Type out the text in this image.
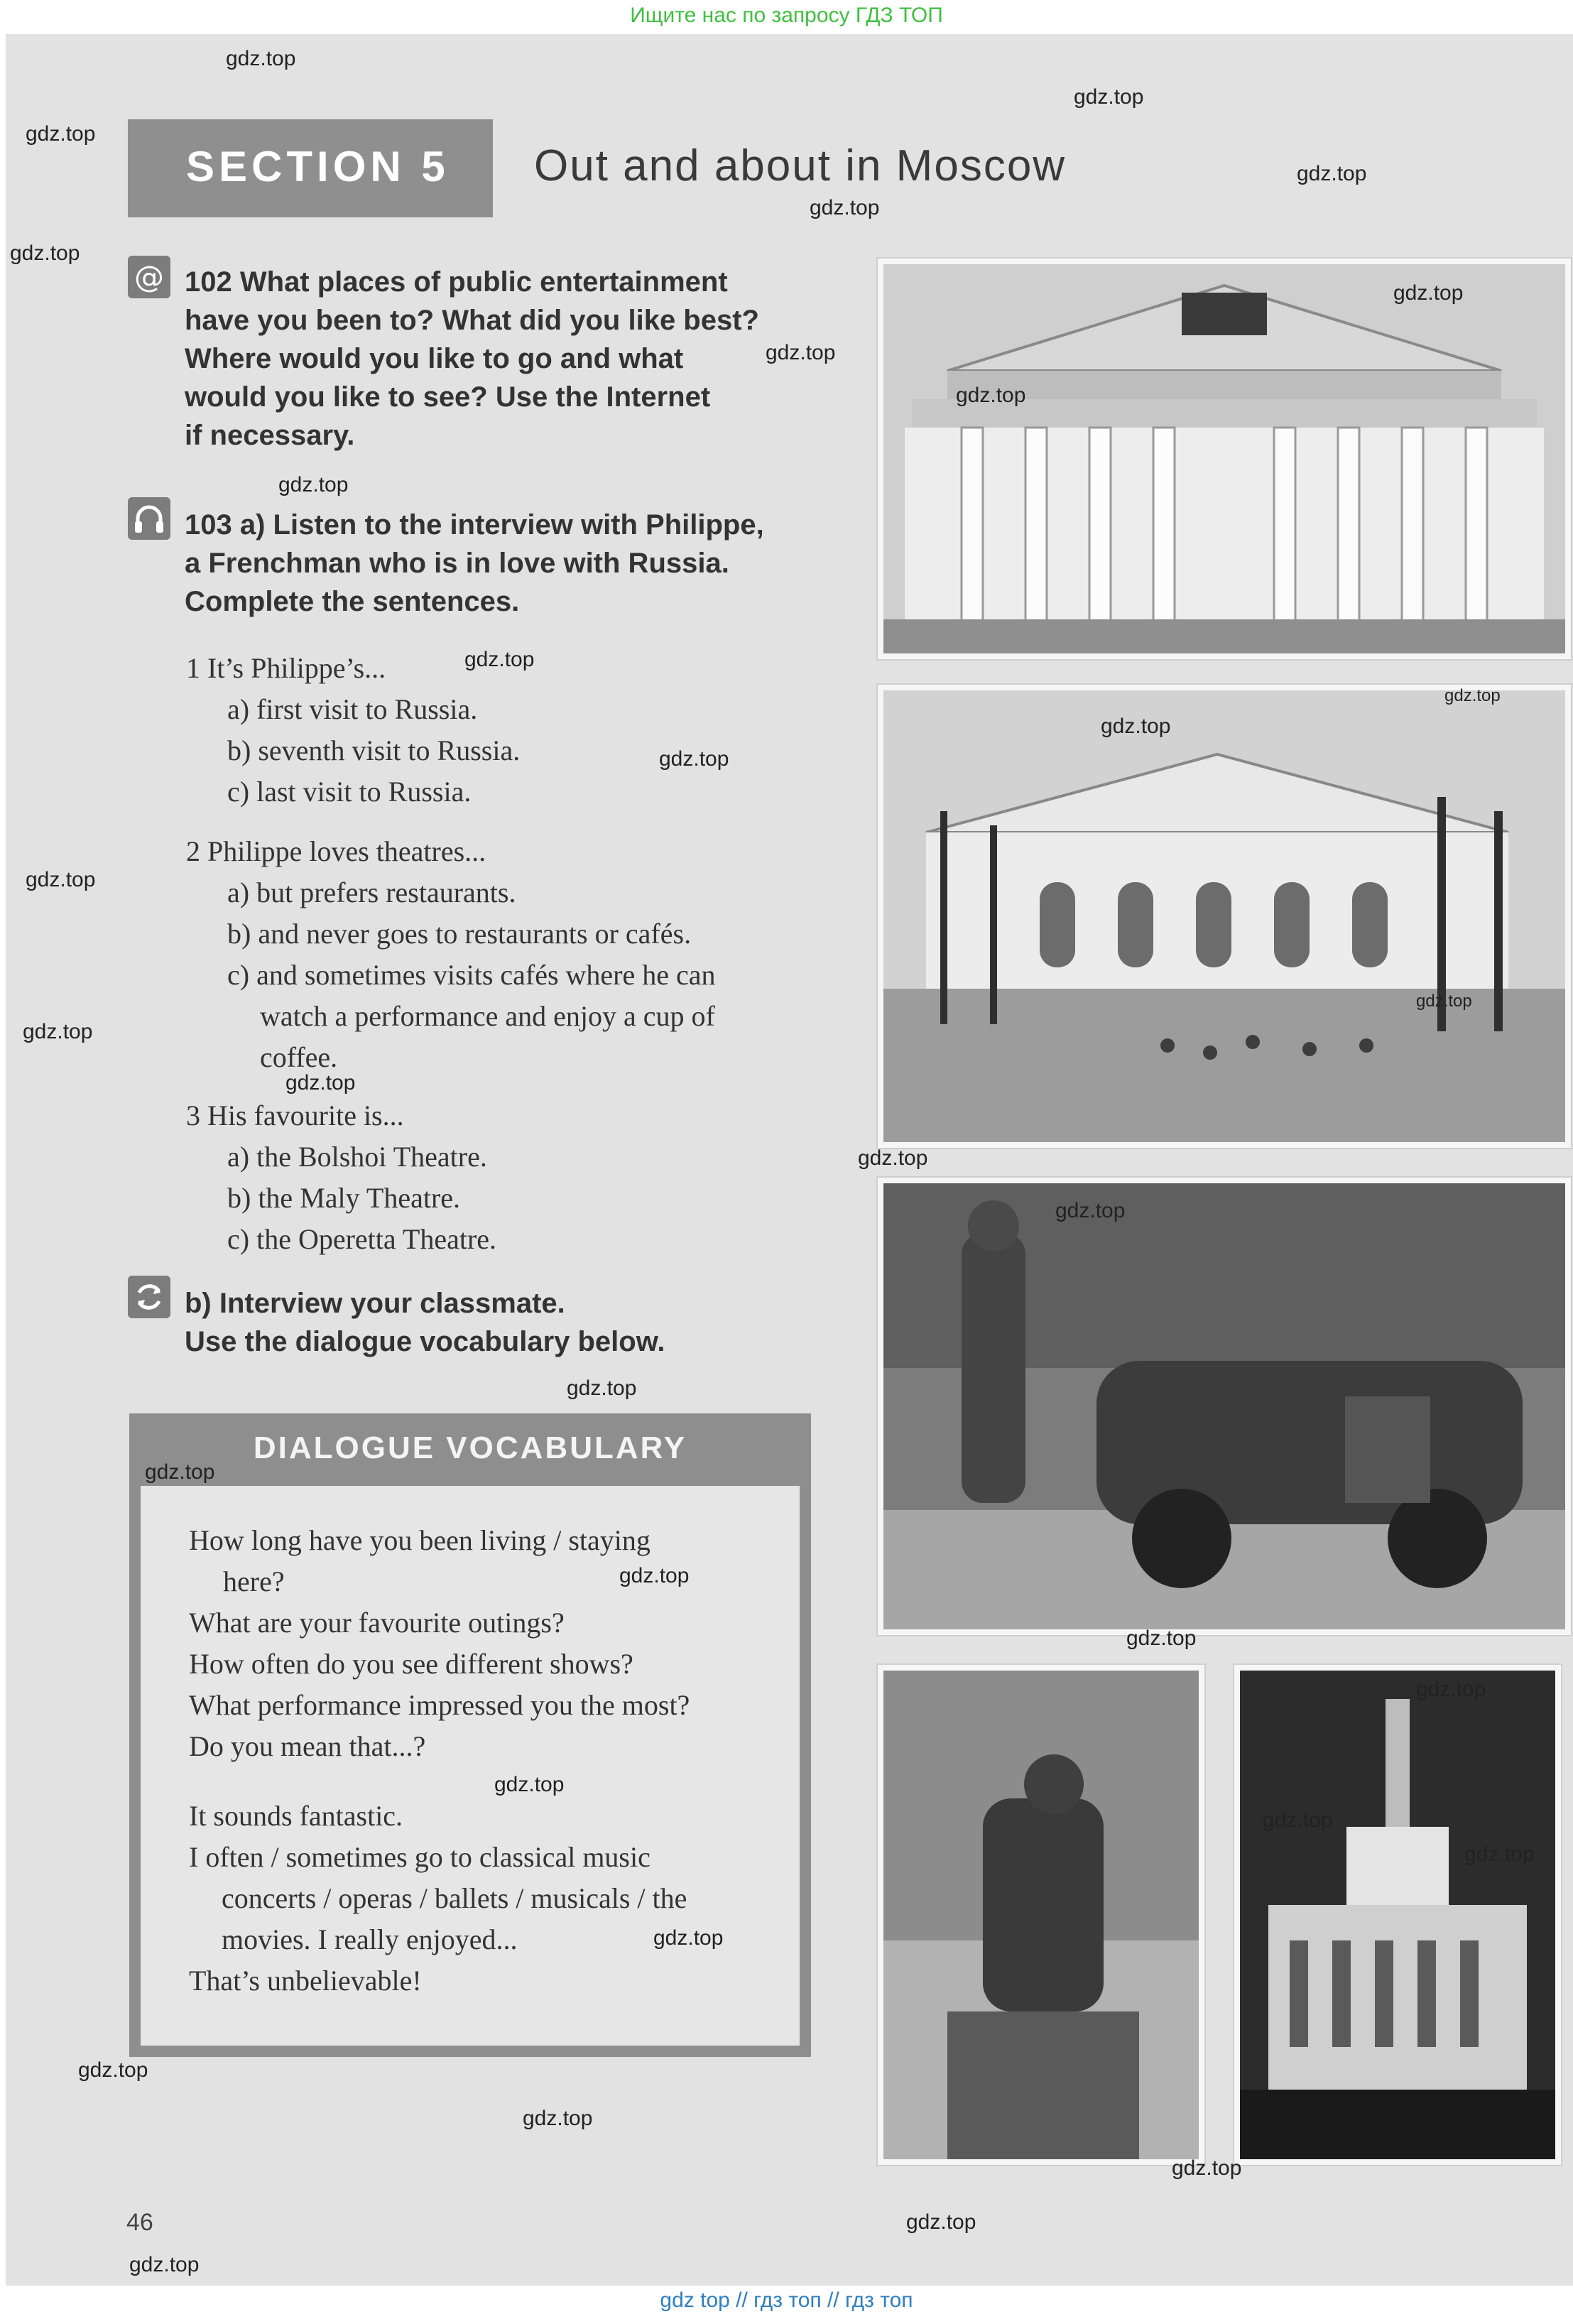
Ищите нас по запросу ГДЗ ТОП
SECTION 5 Out and about in Moscow
@ 102 What places of public entertainment
have you been to? What did you like best?
Where would you like to go and what
would you like to see? Use the Internet
if necessary.
103 a) Listen to the interview with Philippe,
a Frenchman who is in love with Russia.
Complete the sentences.
1 It’s Philippe’s...
a) first visit to Russia.
b) seventh visit to Russia.
c) last visit to Russia.
2 Philippe loves theatres...
a) but prefers restaurants.
b) and never goes to restaurants or cafés.
c) and sometimes visits cafés where he can
watch a performance and enjoy a cup of
coffee.
3 His favourite is...
a) the Bolshoi Theatre.
b) the Maly Theatre.
c) the Operetta Theatre.
b) Interview your classmate.
Use the dialogue vocabulary below.
DIALOGUE VOCABULARY
How long have you been living / staying
here?
What are your favourite outings?
How often do you see different shows?
What performance impressed you the most?
Do you mean that...?
It sounds fantastic.
I often / sometimes go to classical music
concerts / operas / ballets / musicals / the
movies. I really enjoyed...
That’s unbelievable!
46
gdz.top
gdz.top
gdz.top
gdz.top
gdz.top
gdz.top
gdz.top
gdz.top
gdz.top
gdz.top
gdz.top
gdz.top
gdz.top
gdz.top
gdz.top
gdz.top
gdz.top
gdz.top
gdz.top
gdz.top
gdz.top
gdz.top
gdz.top
gdz.top
gdz.top
gdz.top
gdz.top
gdz.top
gdz.top
gdz.top
gdz.top
gdz.top
gdz.top
gdz.top
gdz top // гдз топ // гдз топ
